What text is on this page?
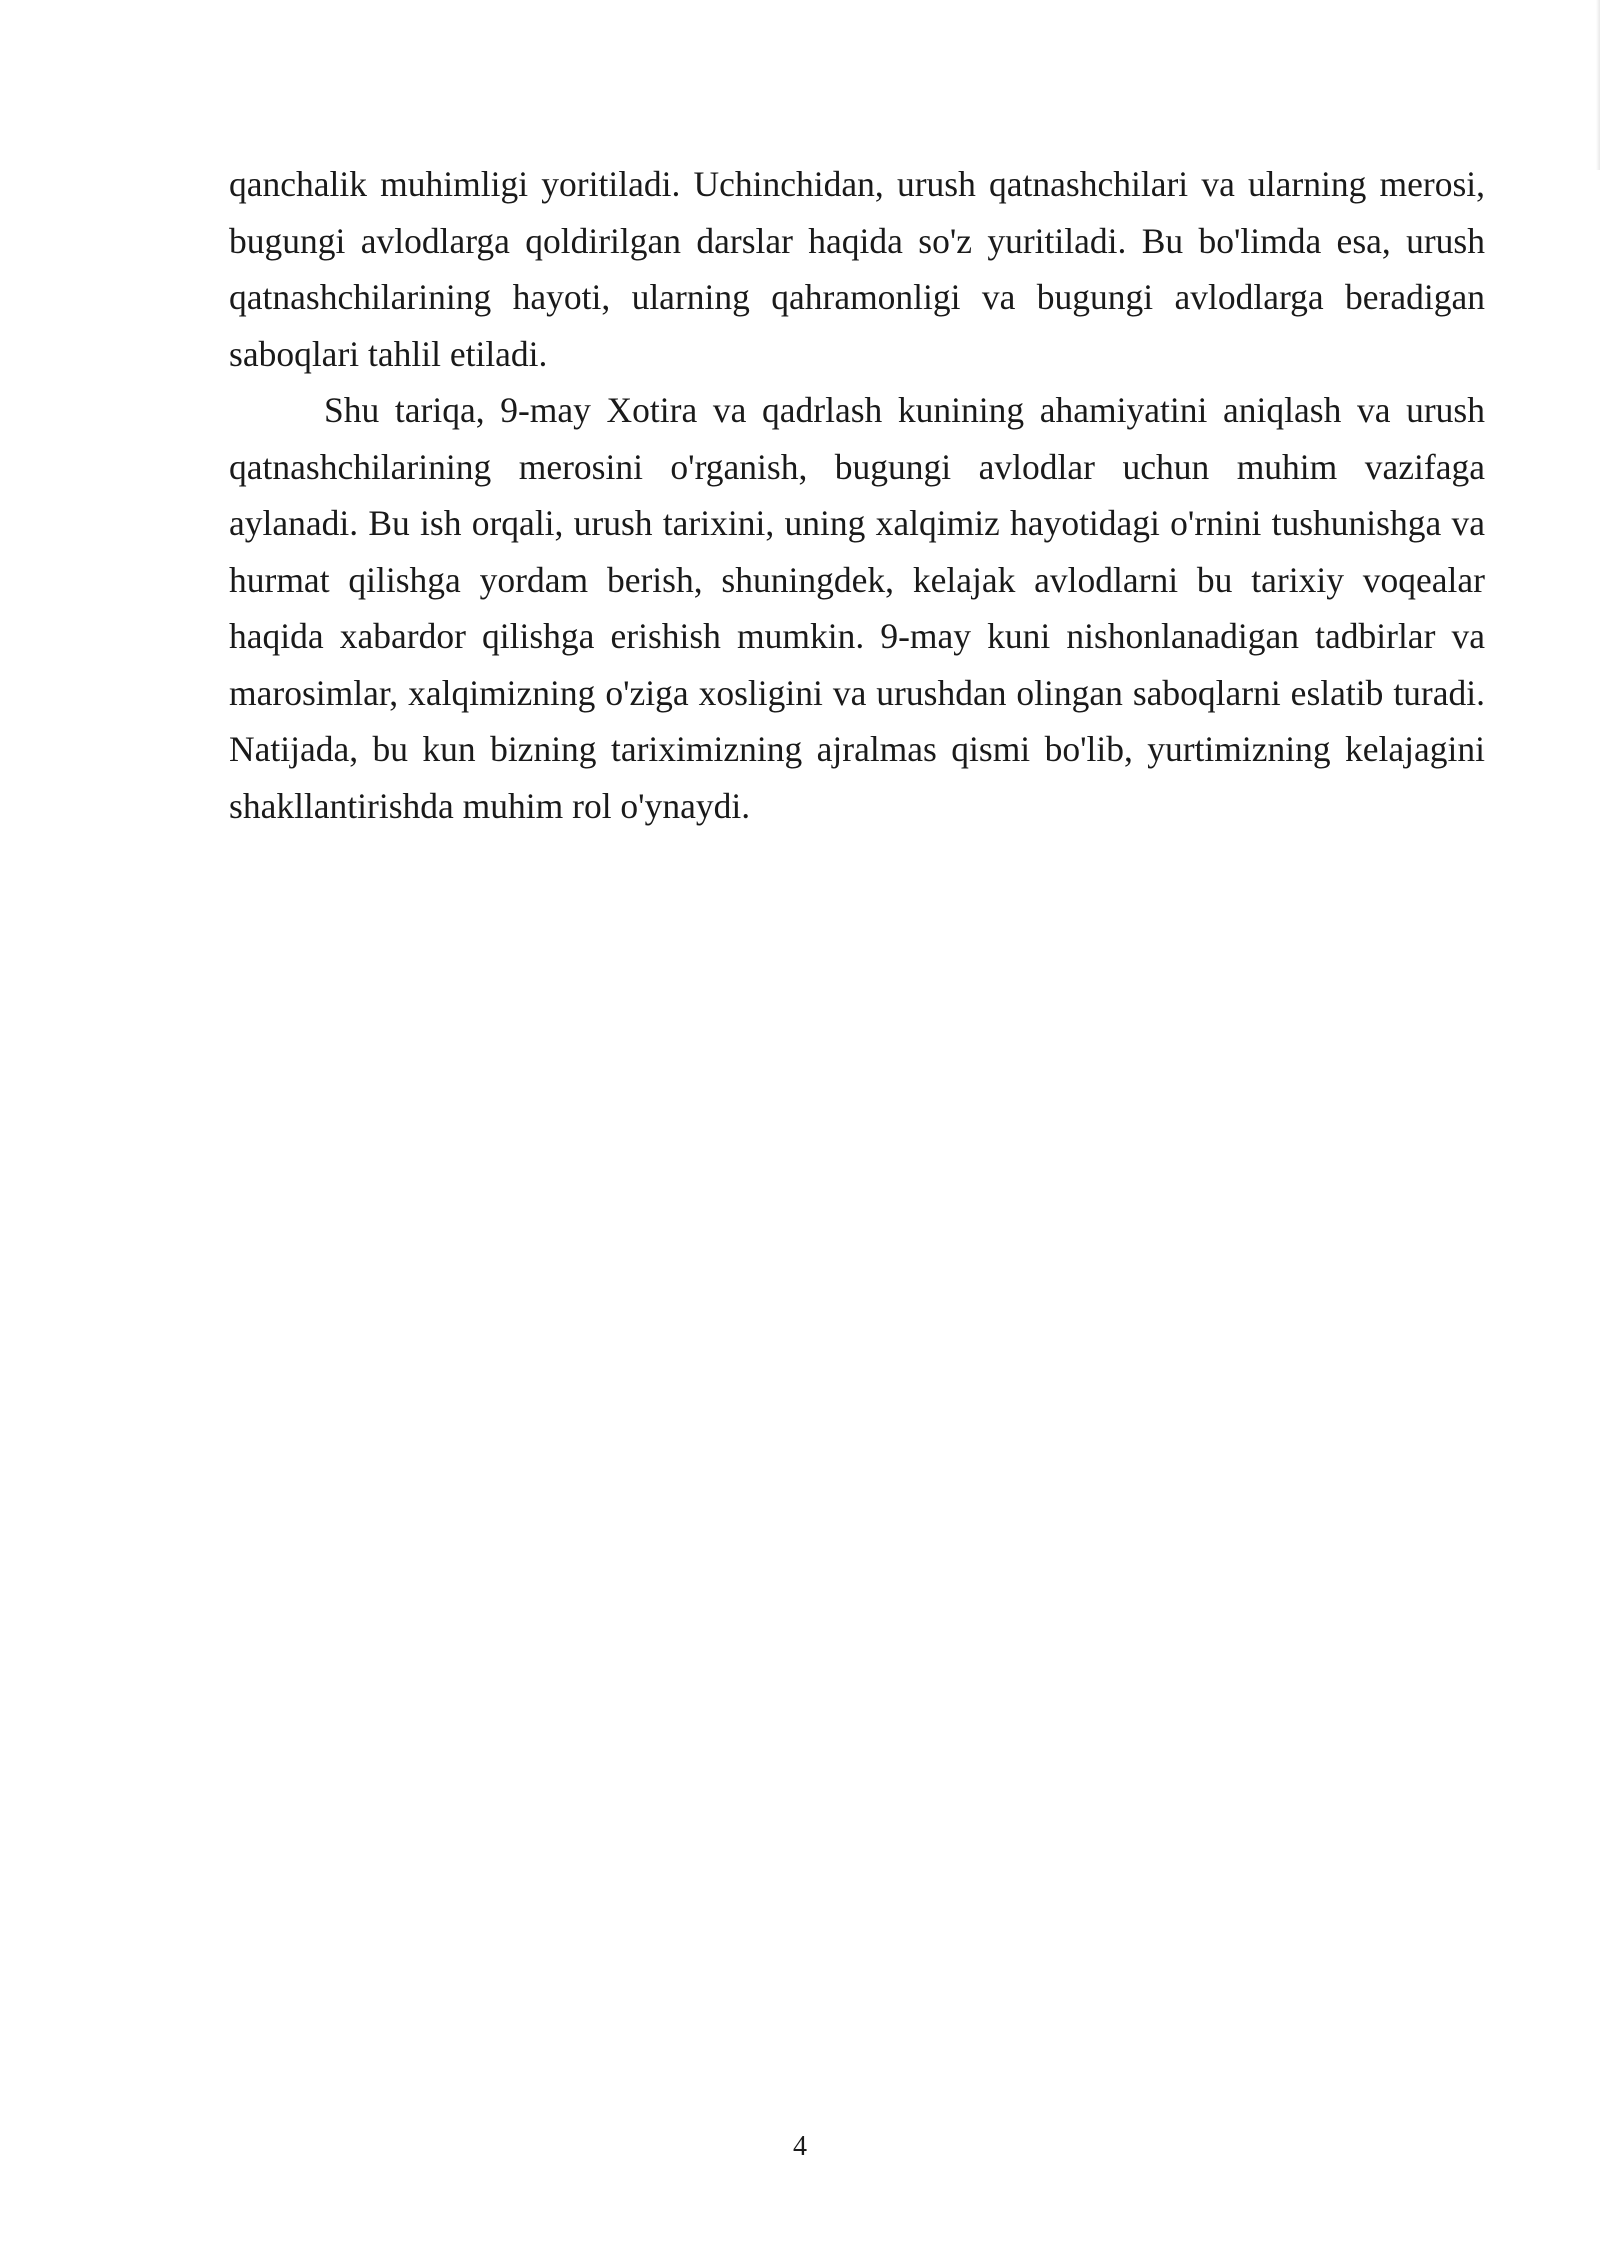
qanchalik muhimligi yoritiladi. Uchinchidan, urush qatnashchilari va ularning merosi, bugungi avlodlarga qoldirilgan darslar haqida so'z yuritiladi. Bu bo'limda esa, urush qatnashchilarining hayoti, ularning qahramonligi va bugungi avlodlarga beradigan saboqlari tahlil etiladi.

Shu tariqa, 9-may Xotira va qadrlash kunining ahamiyatini aniqlash va urush qatnashchilarining merosini o'rganish, bugungi avlodlar uchun muhim vazifaga aylanadi. Bu ish orqali, urush tarixini, uning xalqimiz hayotidagi o'rnini tushunishga va hurmat qilishga yordam berish, shuningdek, kelajak avlodlarni bu tarixiy voqealar haqida xabardor qilishga erishish mumkin. 9-may kuni nishonlanadigan tadbirlar va marosimlar, xalqimizning o'ziga xosligini va urushdan olingan saboqlarni eslatib turadi. Natijada, bu kun bizning tariximizning ajralmas qismi bo'lib, yurtimizning kelajagini shakllantirishda muhim rol o'ynaydi.

4
